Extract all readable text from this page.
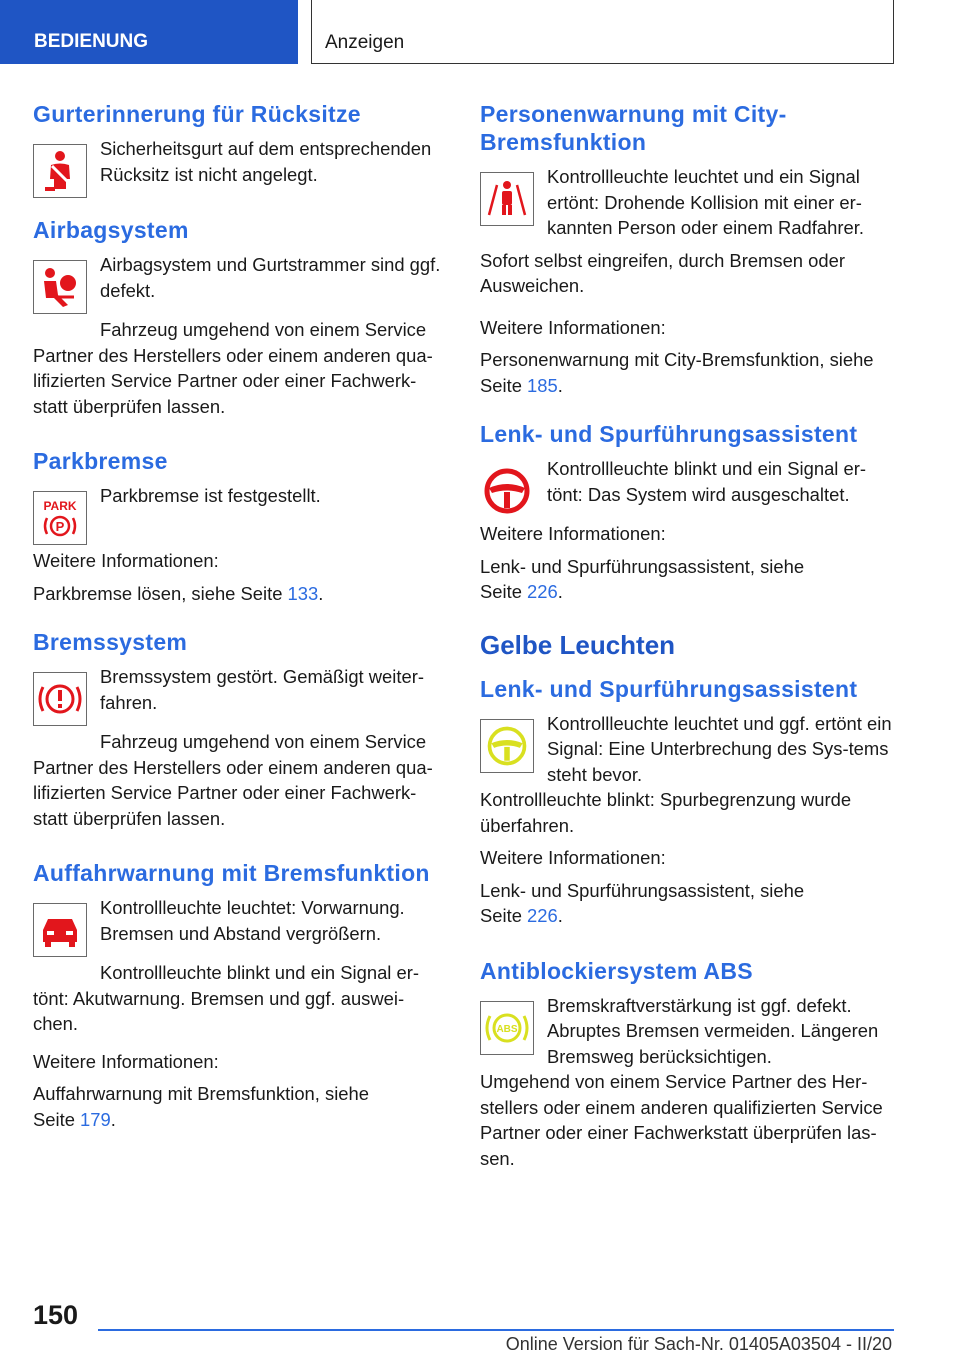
BEDIENUNG	Anzeigen
Gurterinnerung für Rücksitze

Sicherheitsgurt auf dem entsprechenden Rücksitz ist nicht angelegt.

Airbagsystem

Airbagsystem und Gurtstrammer sind ggf. defekt.

Fahrzeug umgehend von einem Service Partner des Herstellers oder einem anderen qua-lifizierten Service Partner oder einer Fachwerk-statt überprüfen lassen.

Parkbremse
PARK
P

Parkbremse ist festgestellt.

Weitere Informationen:

Parkbremse lösen, siehe Seite 133.

Bremssystem

Bremssystem gestört. Gemäßigt weiter-fahren.

Fahrzeug umgehend von einem Service Partner des Herstellers oder einem anderen qua-lifizierten Service Partner oder einer Fachwerk-statt überprüfen lassen.

Auffahrwarnung mit Bremsfunktion

Kontrollleuchte leuchtet: Vorwarnung. Bremsen und Abstand vergrößern.

Kontrollleuchte blinkt und ein Signal er-tönt: Akutwarnung. Bremsen und ggf. auswei-chen.

Weitere Informationen:

Auffahrwarnung mit Bremsfunktion, siehe
Seite 179.

Personenwarnung mit City-
Bremsfunktion

Kontrollleuchte leuchtet und ein Signal ertönt: Drohende Kollision mit einer er-kannten Person oder einem Radfahrer.

Sofort selbst eingreifen, durch Bremsen oder Ausweichen.

Weitere Informationen:

Personenwarnung mit City-Bremsfunktion, siehe
Seite 185.

Lenk- und Spurführungsassistent

Kontrollleuchte blinkt und ein Signal er-tönt: Das System wird ausgeschaltet.

Weitere Informationen:

Lenk- und Spurführungsassistent, siehe
Seite 226.

Gelbe Leuchten
Lenk- und Spurführungsassistent

Kontrollleuchte leuchtet und ggf. ertönt ein Signal: Eine Unterbrechung des Sys-tems steht bevor.

Kontrollleuchte blinkt: Spurbegrenzung wurde überfahren.

Weitere Informationen:

Lenk- und Spurführungsassistent, siehe
Seite 226.

Antiblockiersystem ABS
ABS

Bremskraftverstärkung ist ggf. defekt. Abruptes Bremsen vermeiden. Längeren Bremsweg berücksichtigen.

Umgehend von einem Service Partner des Her-stellers oder einem anderen qualifizierten Service Partner oder einer Fachwerkstatt überprüfen las-sen.

150
Online Version für Sach-Nr. 01405A03504 - II/20
